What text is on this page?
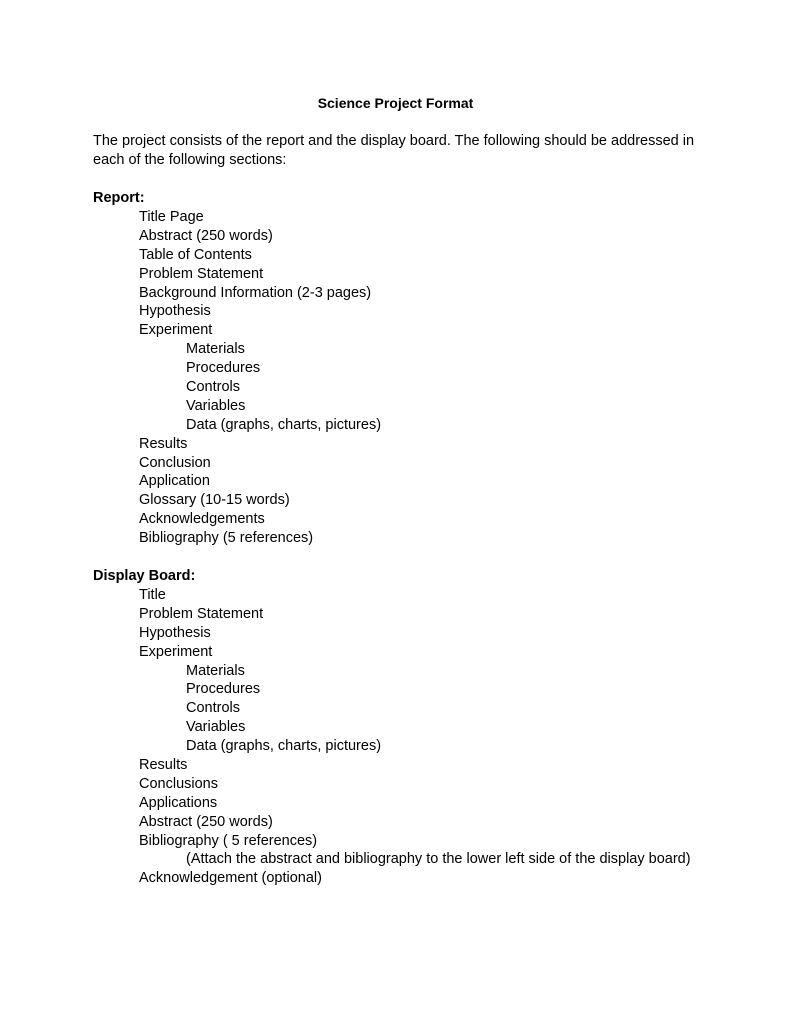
Science Project Format
The project consists of the report and the display board. The following should be addressed in each of the following sections:
Report:
Title Page
Abstract (250 words)
Table of Contents
Problem Statement
Background Information (2-3 pages)
Hypothesis
Experiment
Materials
Procedures
Controls
Variables
Data (graphs, charts, pictures)
Results
Conclusion
Application
Glossary (10-15 words)
Acknowledgements
Bibliography (5 references)
Display Board:
Title
Problem Statement
Hypothesis
Experiment
Materials
Procedures
Controls
Variables
Data (graphs, charts, pictures)
Results
Conclusions
Applications
Abstract (250 words)
Bibliography ( 5 references)
(Attach the abstract and bibliography to the lower left side of the display board)
Acknowledgement (optional)
